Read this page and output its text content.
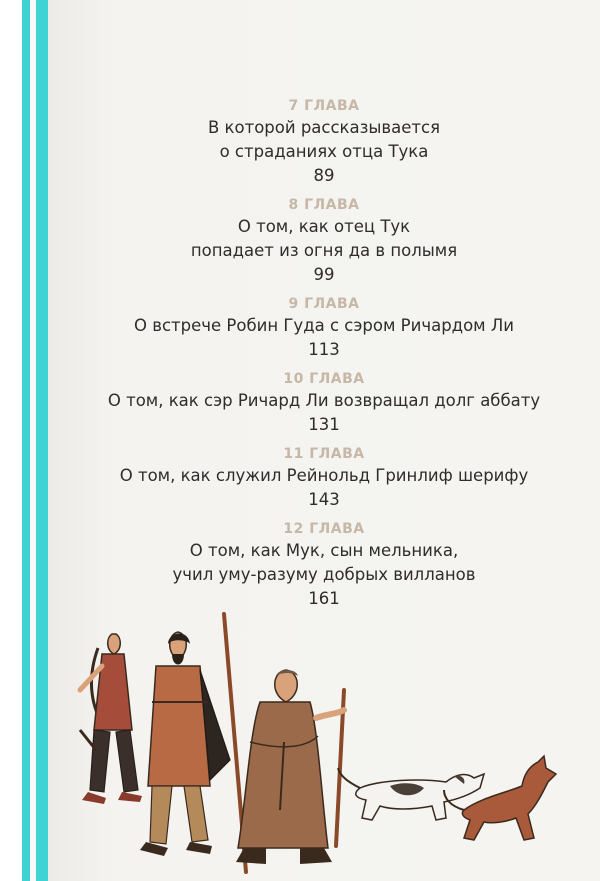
7 ГЛАВА
В которой рассказывается
о страданиях отца Тука
89
8 ГЛАВА
О том, как отец Тук
попадает из огня да в полымя
99
9 ГЛАВА
О встрече Робин Гуда с сэром Ричардом Ли
113
10 ГЛАВА
О том, как сэр Ричард Ли возвращал долг аббату
131
11 ГЛАВА
О том, как служил Рейнольд Гринлиф шерифу
143
12 ГЛАВА
О том, как Мук, сын мельника,
учил уму-разуму добрых вилланов
161
